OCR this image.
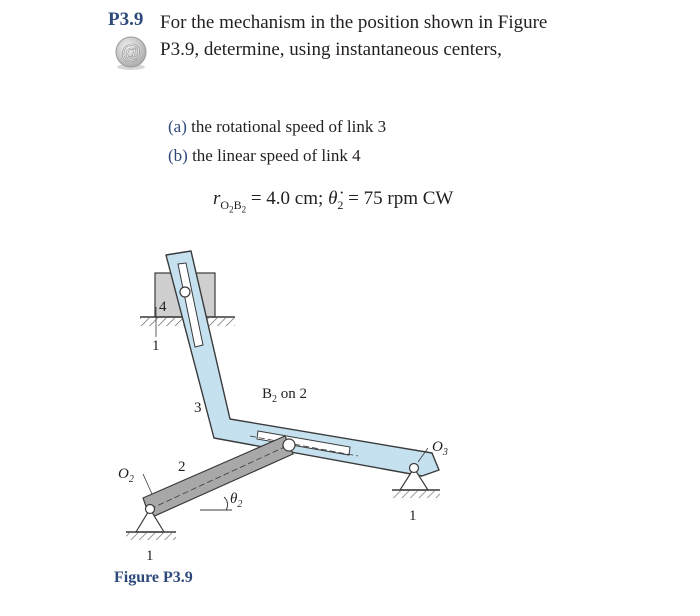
P3.9 For the mechanism in the position shown in Figure
P3.9, determine, using instantaneous centers,
@
(a) the rotational speed of link 3
(b) the linear speed of link 4
$r_{O_2B_2} = 4.0$ cm; $\thetȧ_2 = 75$ rpm CW
4
1
3
$B_2$ on 2
$O_2$
2
$\theta_2$
$O_3$
1
1
Figure P3.9
